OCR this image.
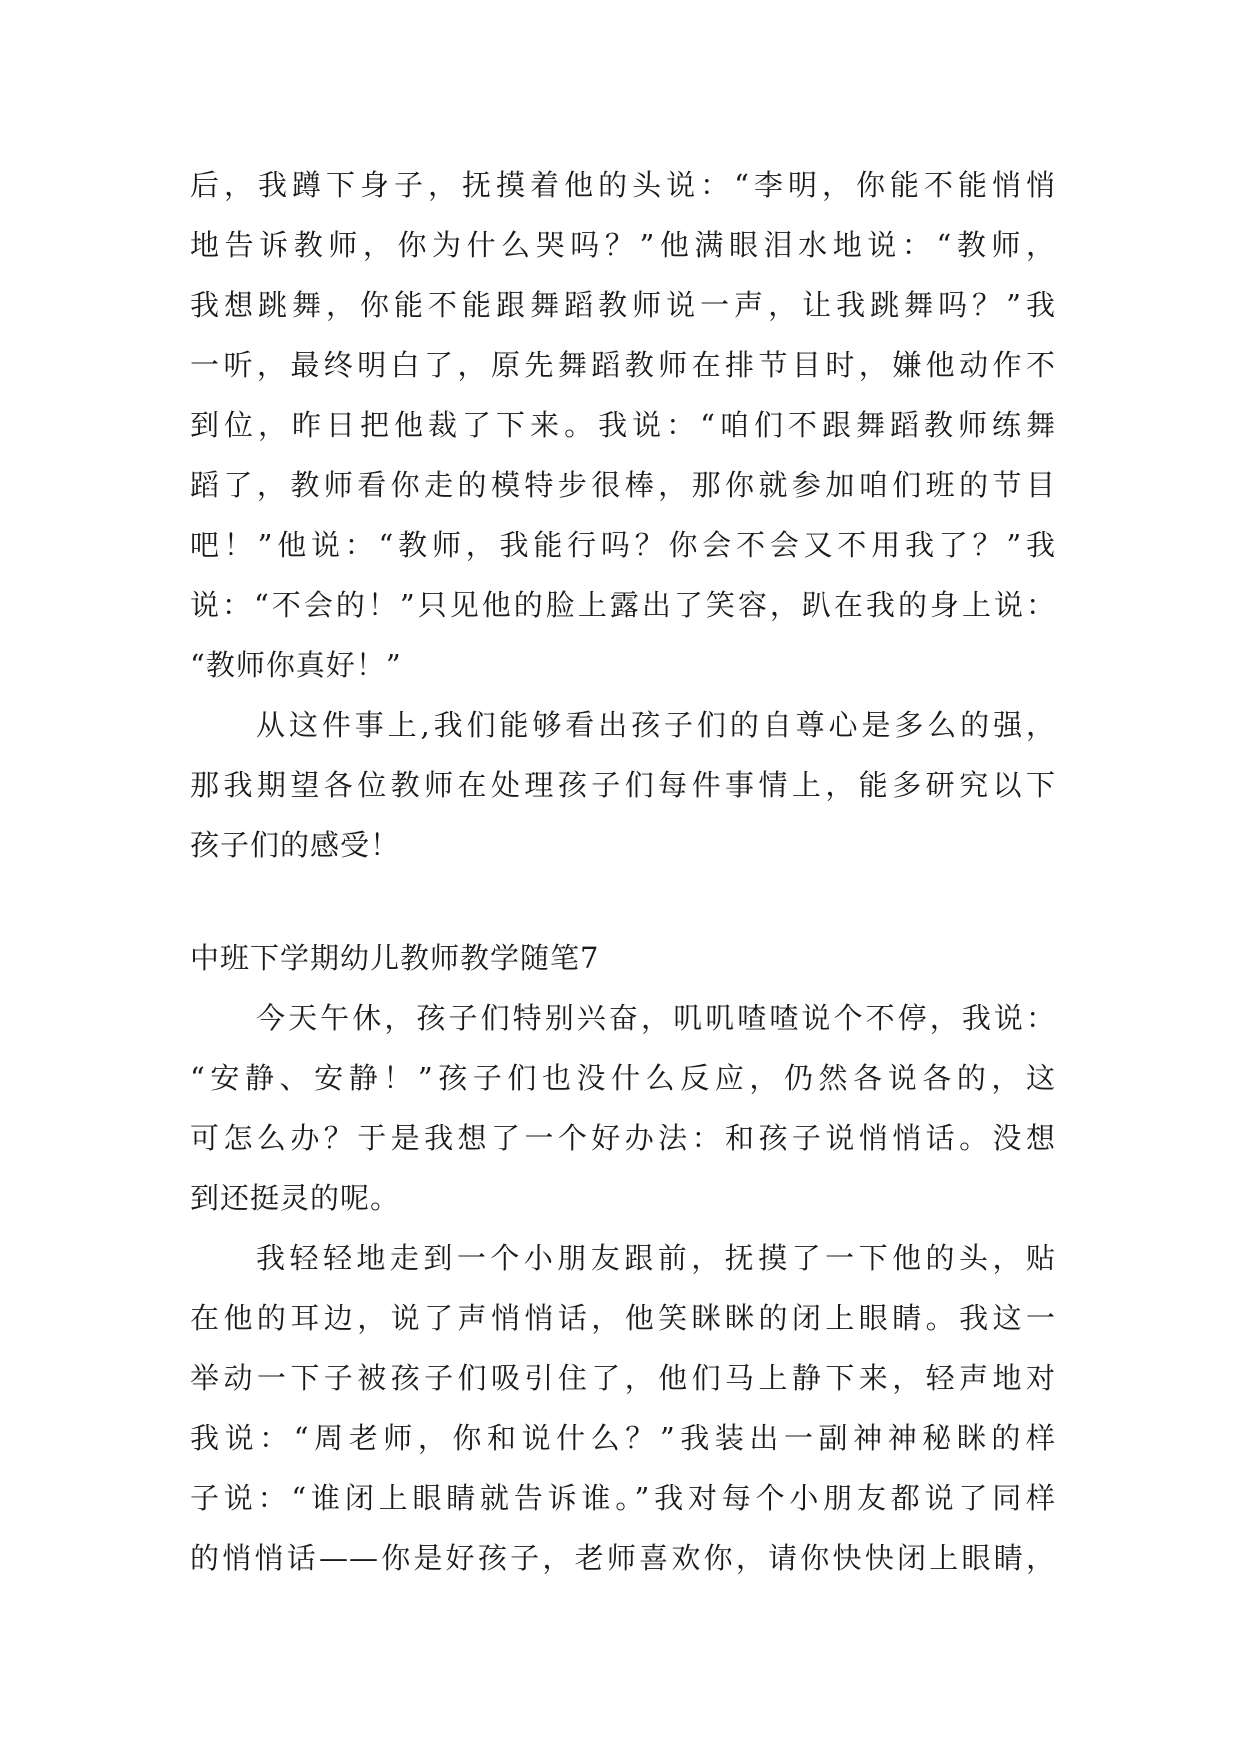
后，我蹲下身子，抚摸着他的头说：“李明，你能不能悄悄
地告诉教师，你为什么哭吗？”他满眼泪水地说：“教师，
我想跳舞，你能不能跟舞蹈教师说一声，让我跳舞吗？”我
一听，最终明白了，原先舞蹈教师在排节目时，嫌他动作不
到位，昨日把他裁了下来。我说：“咱们不跟舞蹈教师练舞
蹈了，教师看你走的模特步很棒，那你就参加咱们班的节目
吧！”他说：“教师，我能行吗？你会不会又不用我了？”我
说：“不会的！”只见他的脸上露出了笑容，趴在我的身上说：
“教师你真好！”
从这件事上,我们能够看出孩子们的自尊心是多么的强，
那我期望各位教师在处理孩子们每件事情上，能多研究以下
孩子们的感受！
中班下学期幼儿教师教学随笔7
今天午休，孩子们特别兴奋，叽叽喳喳说个不停，我说：
“安静、安静！”孩子们也没什么反应，仍然各说各的，这
可怎么办？于是我想了一个好办法：和孩子说悄悄话。没想
到还挺灵的呢。
我轻轻地走到一个小朋友跟前，抚摸了一下他的头，贴
在他的耳边，说了声悄悄话，他笑眯眯的闭上眼睛。我这一
举动一下子被孩子们吸引住了，他们马上静下来，轻声地对
我说：“周老师，你和说什么？”我装出一副神神秘眯的样
子说：“谁闭上眼睛就告诉谁。”我对每个小朋友都说了同样
的悄悄话——你是好孩子，老师喜欢你，请你快快闭上眼睛，
